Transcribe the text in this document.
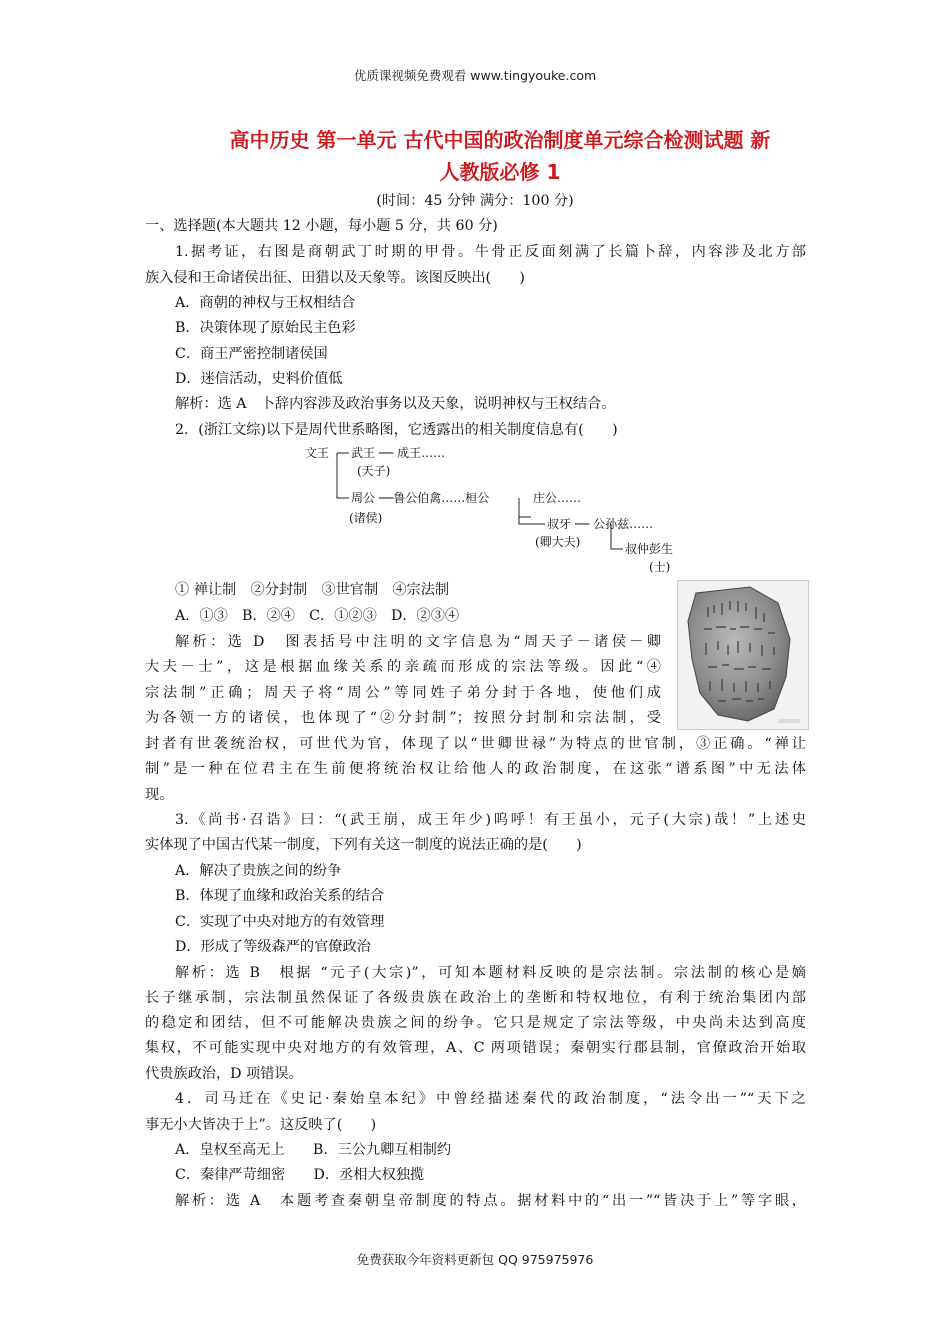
优质课视频免费观看 www.tingyouke.com
高中历史 第一单元 古代中国的政治制度单元综合检测试题 新
人教版必修 1
(时间：45 分钟 满分：100 分)
一、选择题(本大题共 12 小题，每小题 5 分，共 60 分)
1.据考证，右图是商朝武丁时期的甲骨。牛骨正反面刻满了长篇卜辞，内容涉及北方部
族入侵和王命诸侯出征、田猎以及天象等。该图反映出(　　)
A．商朝的神权与王权相结合
B．决策体现了原始民主色彩
C．商王严密控制诸侯国
D．迷信活动，史料价值低
解析：选 A　卜辞内容涉及政治事务以及天象，说明神权与王权结合。
2．(浙江文综)以下是周代世系略图，它透露出的相关制度信息有(　　)
文王 武王 ── 成王……
(天子)
周公 ──鲁公伯禽……桓公
(诸侯)
庄公……
叔牙 ── 公孙兹……
(卿大夫)	叔仲彭生
(士)
① 禅让制　②分封制　③世官制　④宗法制
A．①③　B．②④　C．①②③　D．②③④
解析：选 D　图表括号中注明的文字信息为“周天子－诸侯－卿
大夫－士”，这是根据血缘关系的亲疏而形成的宗法等级。因此“④
宗法制”正确；周天子将“周公”等同姓子弟分封于各地，使他们成
为各领一方的诸侯，也体现了“②分封制”；按照分封制和宗法制，受
封者有世袭统治权，可世代为官，体现了以“世卿世禄”为特点的世官制，③正确。“禅让
制”是一种在位君主在生前便将统治权让给他人的政治制度，在这张“谱系图”中无法体
现。
3.《尚书·召诰》曰：“(武王崩，成王年少)呜呼！有王虽小，元子(大宗)哉！”上述史
实体现了中国古代某一制度，下列有关这一制度的说法正确的是(　　)
A．解决了贵族之间的纷争
B．体现了血缘和政治关系的结合
C．实现了中央对地方的有效管理
D．形成了等级森严的官僚政治
解析：选 B　根据 “元子(大宗)”，可知本题材料反映的是宗法制。宗法制的核心是嫡
长子继承制，宗法制虽然保证了各级贵族在政治上的垄断和特权地位，有利于统治集团内部
的稳定和团结，但不可能解决贵族之间的纷争。它只是规定了宗法等级，中央尚未达到高度
集权，不可能实现中央对地方的有效管理，A、C 两项错误；秦朝实行郡县制，官僚政治开始取
代贵族政治，D 项错误。
4．司马迁在《史记·秦始皇本纪》中曾经描述秦代的政治制度，“法令出一”“天下之
事无小大皆决于上”。这反映了(　　)
A．皇权至高无上　　B．三公九卿互相制约
C．秦律严苛细密　　D．丞相大权独揽
解析：选 A　本题考查秦朝皇帝制度的特点。据材料中的“出一”“皆决于上”等字眼，
免费获取今年资料更新包 QQ 975975976
